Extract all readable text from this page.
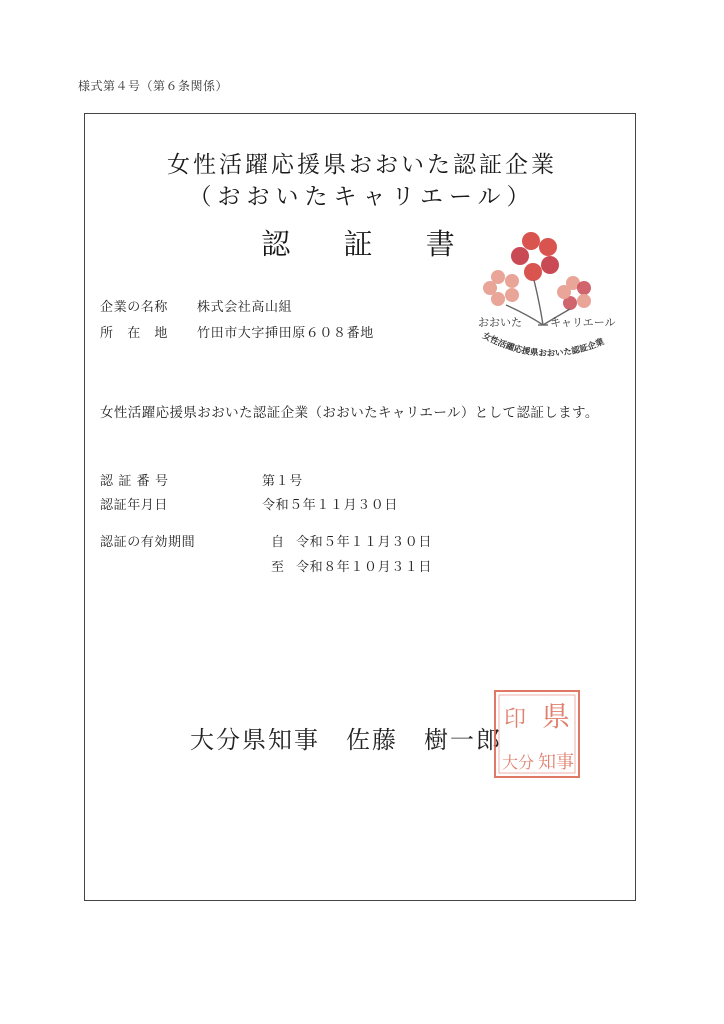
様式第４号（第６条関係）
女性活躍応援県おおいた認証企業
（おおいたキャリエール）
認 証 書
おおいた	キャリエール
女性活躍応援県おおいた認証企業
企業の名称 株式会社高山組
所　在　地 竹田市大字挿田原６０８番地
女性活躍応援県おおいた認証企業（おおいたキャリエール）として認証します。
認 証 番 号	第１号
認証年月日	令和５年１１月３０日
認証の有効期間	自 令和５年１１月３０日
至 令和８年１０月３１日
大分県知事　佐藤　樹一郎
県
印
大分 知事
